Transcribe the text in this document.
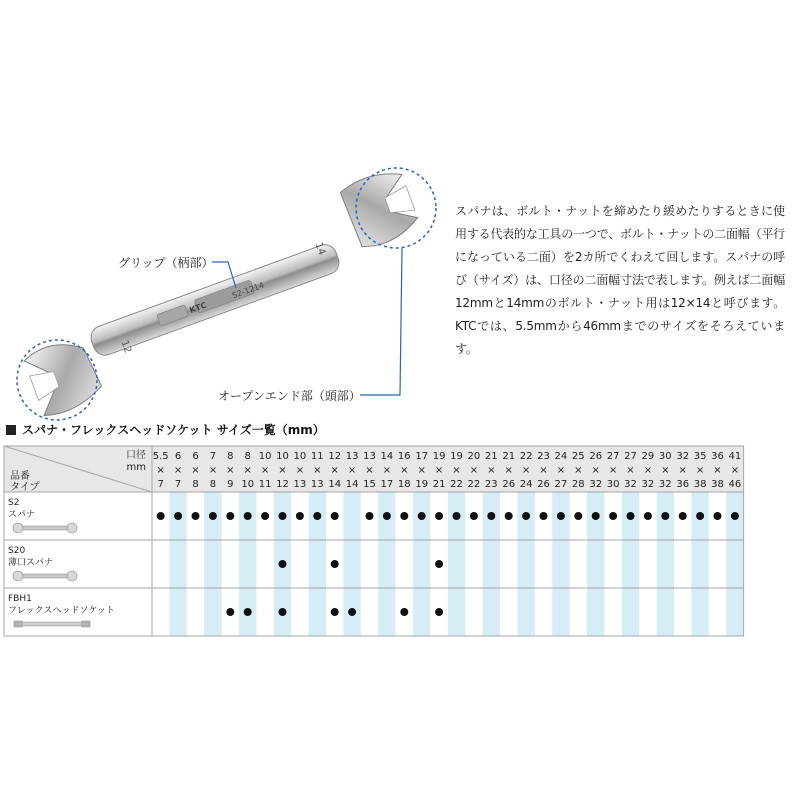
KTC
S2-1214
12
14
グリップ（柄部）
オープンエンド部（頭部）
スパナは、ボルト・ナットを締めたり緩めたりするときに使用する代表的な工具の一つで、ボルト・ナットの二面幅（平行になっている二面）を2カ所でくわえて回します。スパナの呼び（サイズ）は、口径の二面幅寸法で表します。例えば二面幅12mmと14mmのボルト・ナット用は12×14と呼びます。KTCでは、5.5mmから46mmまでのサイズをそろえています。
スパナ・フレックスヘッドソケット サイズ一覧（mm）
口径
mm
品番
タイプ
5.5
×
7
6
×
7
6
×
8
7
×
8
8
×
9
8
×
10
10
×
11
10
×
12
10
×
13
11
×
13
12
×
14
13
×
14
13
×
15
14
×
17
16
×
18
17
×
19
19
×
21
19
×
22
20
×
22
21
×
23
21
×
26
22
×
24
23
×
26
24
×
27
25
×
28
26
×
32
27
×
30
27
×
32
29
×
32
30
×
32
32
×
36
35
×
38
36
×
38
41
×
46
S2
スパナ
S20
薄口スパナ
FBH1
フレックスヘッドソケット
